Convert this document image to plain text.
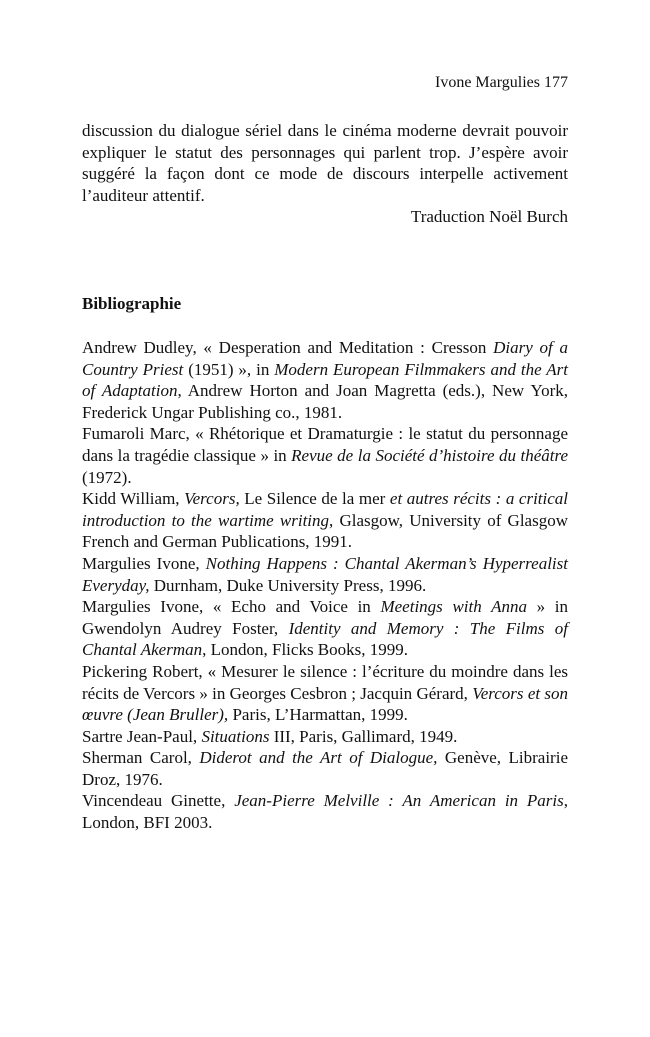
Ivone Margulies 177

discussion du dialogue sériel dans le cinéma moderne devrait pouvoir expliquer le statut des personnages qui parlent trop. J’espère avoir suggéré la façon dont ce mode de discours interpelle activement l’auditeur attentif.

Traduction Noël Burch
Bibliographie
Andrew Dudley, « Desperation and Meditation : Cresson Diary of a Country Priest (1951) », in Modern European Filmmakers and the Art of Adaptation, Andrew Horton and Joan Magretta (eds.), New York, Frederick Ungar Publishing co., 1981.
Fumaroli Marc, « Rhétorique et Dramaturgie : le statut du personnage dans la tragédie classique » in Revue de la Société d’histoire du théâtre (1972).
Kidd William, Vercors, Le Silence de la mer et autres récits : a critical introduction to the wartime writing, Glasgow, University of Glasgow French and German Publications, 1991.
Margulies Ivone, Nothing Happens : Chantal Akerman’s Hyperrealist Everyday, Durnham, Duke University Press, 1996.
Margulies Ivone, « Echo and Voice in Meetings with Anna » in Gwendolyn Audrey Foster, Identity and Memory : The Films of Chantal Akerman, London, Flicks Books, 1999.
Pickering Robert, « Mesurer le silence : l’écriture du moindre dans les récits de Vercors » in Georges Cesbron ; Jacquin Gérard, Vercors et son œuvre (Jean Bruller), Paris, L’Harmattan, 1999.
Sartre Jean-Paul, Situations III, Paris, Gallimard, 1949.
Sherman Carol, Diderot and the Art of Dialogue, Genève, Librairie Droz, 1976.
Vincendeau Ginette, Jean-Pierre Melville : An American in Paris, London, BFI 2003.
